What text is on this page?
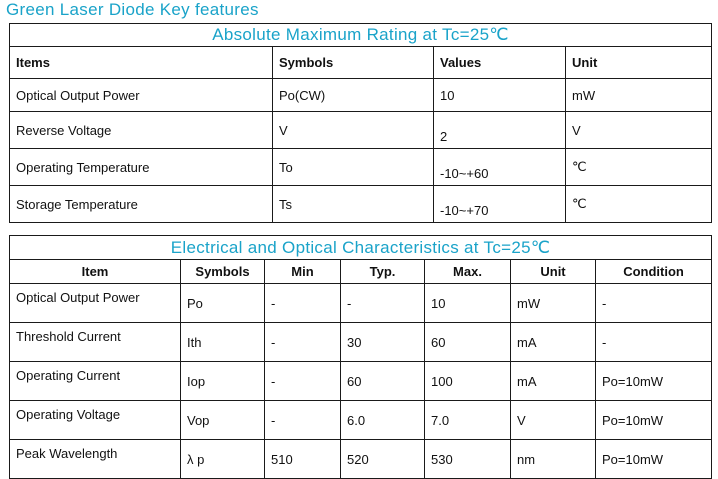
Green Laser Diode Key features
Absolute Maximum Rating at Tc=25℃			
Items	Symbols	Values	Unit
Optical Output Power	Po(CW)	10	mW
Reverse Voltage	V	2	V
Operating Temperature	To	-10~+60	℃
Storage Temperature	Ts	-10~+70	℃
Electrical and Optical Characteristics at Tc=25℃						
Item	Symbols	Min	Typ.	Max.	Unit	Condition
Optical Output Power	Po	-	-	10	mW	-
Threshold Current	Ith	-	30	60	mA	-
Operating Current	Iop	-	60	100	mA	Po=10mW
Operating Voltage	Vop	-	6.0	7.0	V	Po=10mW
Peak Wavelength	λ p	510	520	530	nm	Po=10mW
